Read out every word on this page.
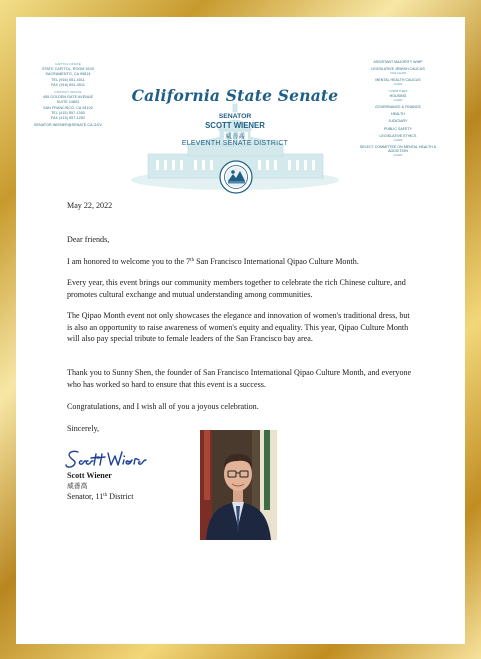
CAPITOL OFFICE
STATE CAPITOL, ROOM 5100
SACRAMENTO, CA 95814
TEL (916) 651-4011
FAX (916) 651-4911
DISTRICT OFFICE
455 GOLDEN GATE AVENUE
SUITE 14800
SAN FRANCISCO, CA 94102
TEL (415) 557-1300
FAX (415) 557-1252
SENATOR.WIENER@SENATE.CA.GOV
California State Senate
SENATOR
SCOTT WIENER
威善高
ELEVENTH SENATE DISTRICT
ASSISTANT MAJORITY WHIP
LEGISLATIVE JEWISH CAUCUS
VICE CHAIR
MENTAL HEALTH CAUCUS
CHAIR
COMMITTEES
HOUSING
CHAIR
GOVERNANCE & FINANCE
HEALTH
JUDICIARY
PUBLIC SAFETY
LEGISLATIVE ETHICS
CHAIR
SELECT COMMITTEE ON MENTAL HEALTH & ADDICTION
CHAIR
May 22, 2022
Dear friends,
I am honored to welcome you to the 7th San Francisco International Qipao Culture Month.
Every year, this event brings our community members together to celebrate the rich Chinese culture, and promotes cultural exchange and mutual understanding among communities.
The Qipao Month event not only showcases the elegance and innovation of women's traditional dress, but is also an opportunity to raise awareness of women's equity and equality. This year, Qipao Culture Month will also pay special tribute to female leaders of the San Francisco bay area.
Thank you to Sunny Shen, the founder of San Francisco International Qipao Culture Month, and everyone who has worked so hard to ensure that this event is a success.
Congratulations, and I wish all of you a joyous celebration.
Sincerely,
Scott Wiener
威善高
Senator, 11th District
